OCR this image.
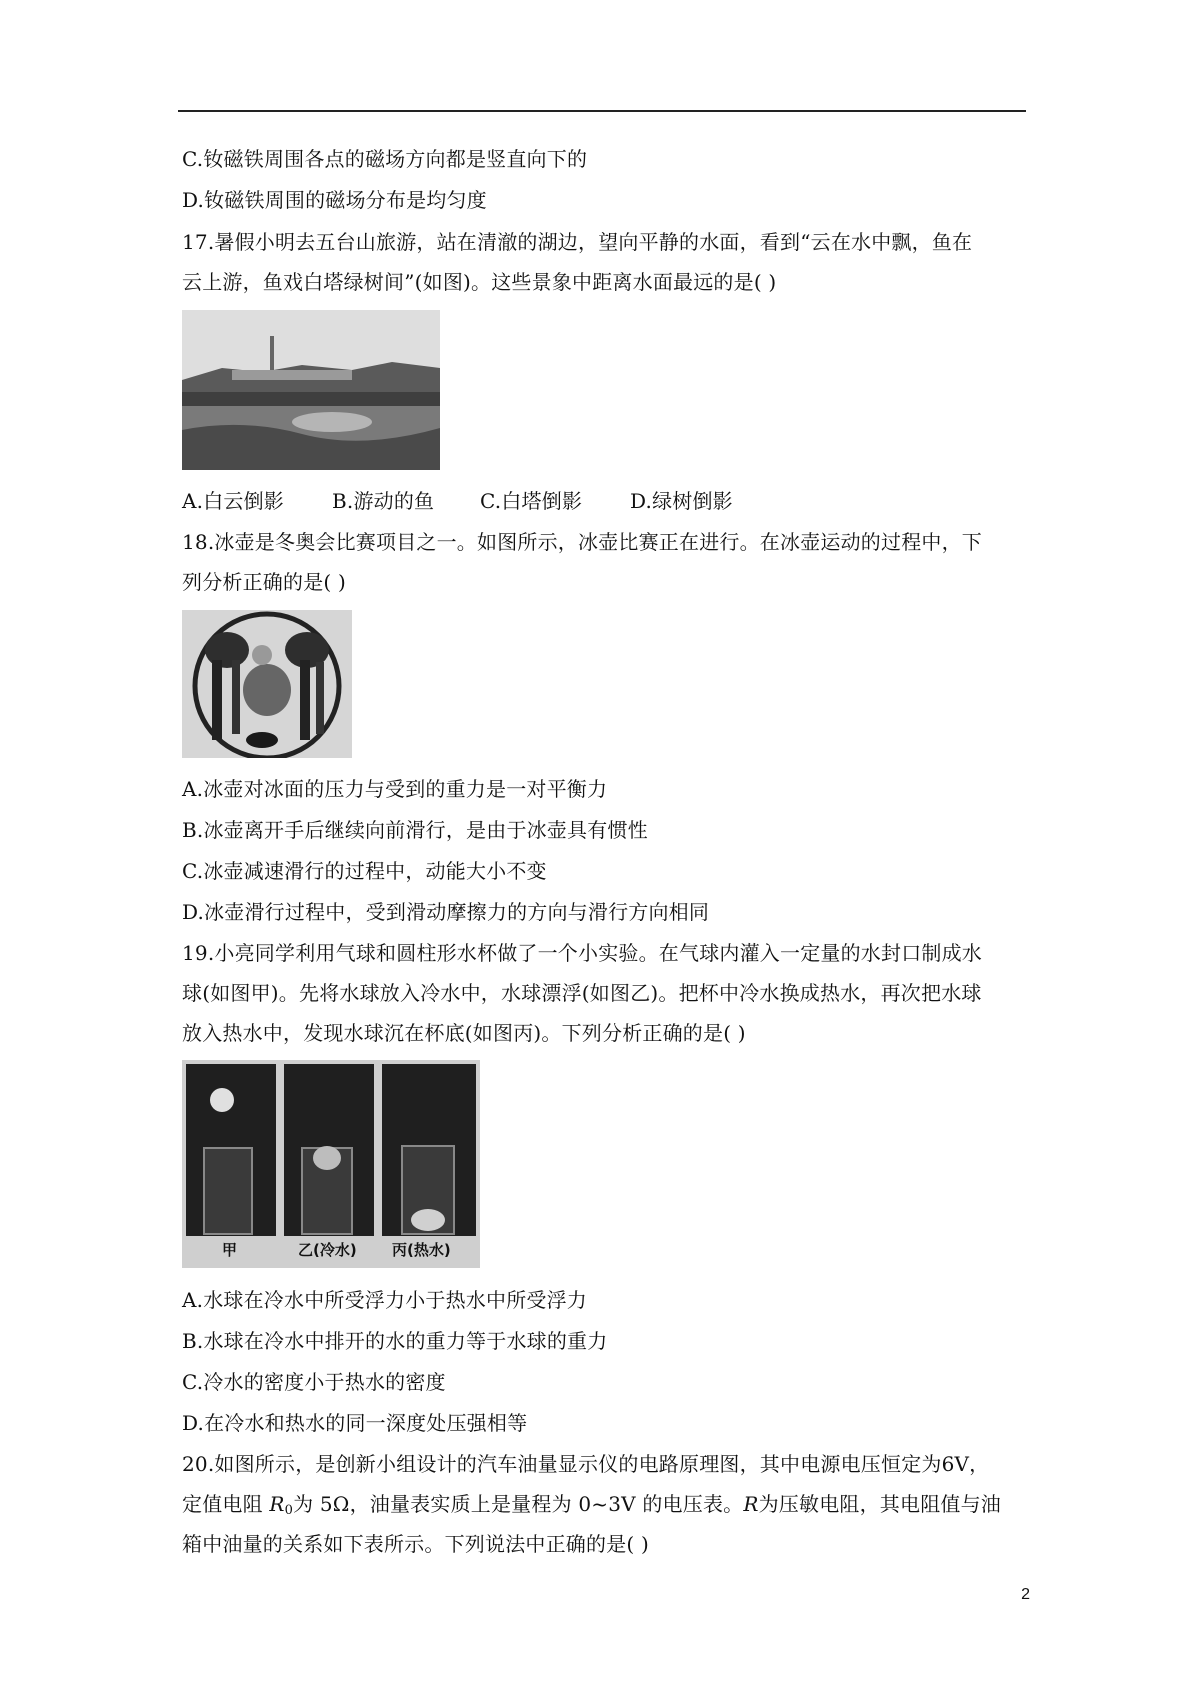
C.钕磁铁周围各点的磁场方向都是竖直向下的
D.钕磁铁周围的磁场分布是均匀度
17.暑假小明去五台山旅游，站在清澈的湖边，望向平静的水面，看到“云在水中飘，鱼在
云上游，鱼戏白塔绿树间”(如图)。这些景象中距离水面最远的是( )
A.白云倒影 B.游动的鱼 C.白塔倒影 D.绿树倒影
18.冰壶是冬奥会比赛项目之一。如图所示，冰壶比赛正在进行。在冰壶运动的过程中，下
列分析正确的是( )
A.冰壶对冰面的压力与受到的重力是一对平衡力
B.冰壶离开手后继续向前滑行，是由于冰壶具有惯性
C.冰壶减速滑行的过程中，动能大小不变
D.冰壶滑行过程中，受到滑动摩擦力的方向与滑行方向相同
19.小亮同学利用气球和圆柱形水杯做了一个小实验。在气球内灌入一定量的水封口制成水
球(如图甲)。先将水球放入冷水中，水球漂浮(如图乙)。把杯中冷水换成热水，再次把水球
放入热水中，发现水球沉在杯底(如图丙)。下列分析正确的是( )
甲	乙(冷水) 丙(热水)
A.水球在冷水中所受浮力小于热水中所受浮力
B.水球在冷水中排开的水的重力等于水球的重力
C.冷水的密度小于热水的密度
D.在冷水和热水的同一深度处压强相等
20.如图所示，是创新小组设计的汽车油量显示仪的电路原理图，其中电源电压恒定为6V，
定值电阻 $R_0$为 5Ω，油量表实质上是量程为 0~3V 的电压表。R为压敏电阻，其电阻值与油
箱中油量的关系如下表所示。下列说法中正确的是( )
2
